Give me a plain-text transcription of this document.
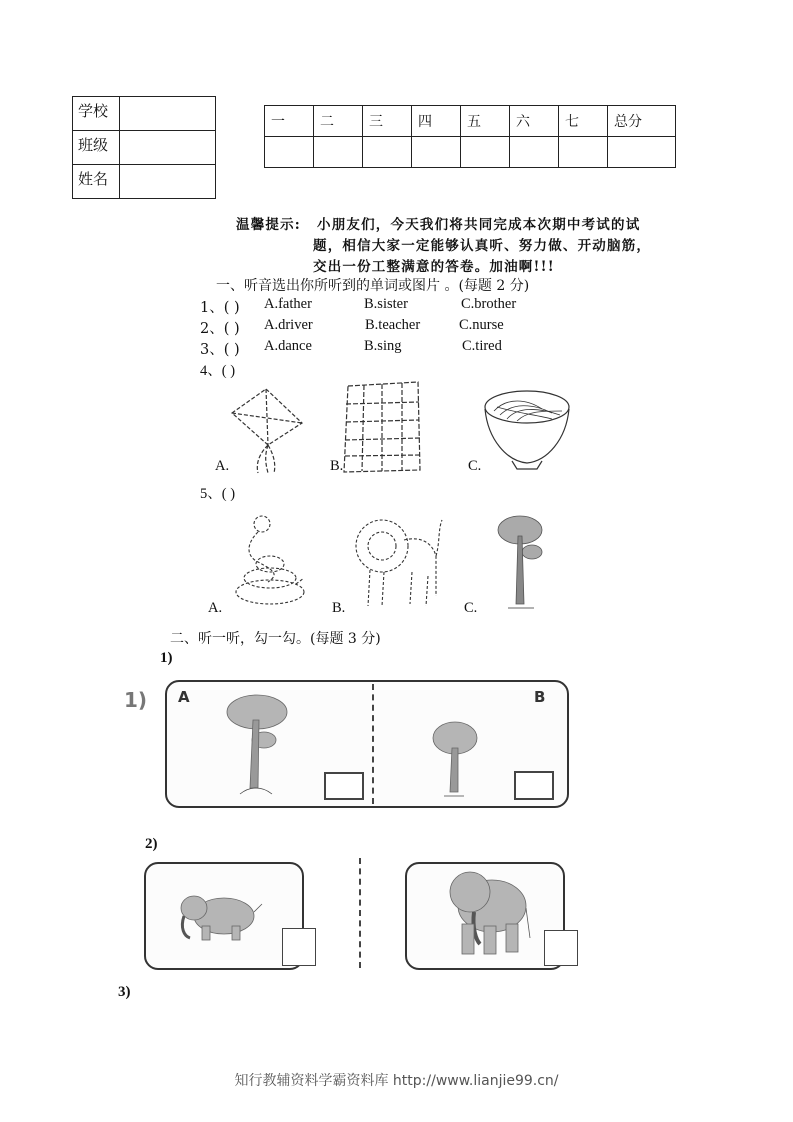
学校	
班级	
姓名	
一	二	三	四	五	六	七	总分

温馨提示: 小朋友们，今天我们将共同完成本次期中考试的试
题，相信大家一定能够认真听、努力做、开动脑筋，
交出一份工整满意的答卷。加油啊!!!
一、听音选出你所听到的单词或图片 。(每题 2 分)
1、( ) A.father	B.sister	C.brother
2、( ) A.driver	B.teacher	C.nurse
3、( ) A.dance	B.sing	C.tired
4、( )
A.	B.	C.
5、( )
A.	B.	C.
二、听一听，勾一勾。(每题 3 分)
1)
1) A	B
2)
3)
知行教辅资料学霸资料库 http://www.lianjie99.cn/
